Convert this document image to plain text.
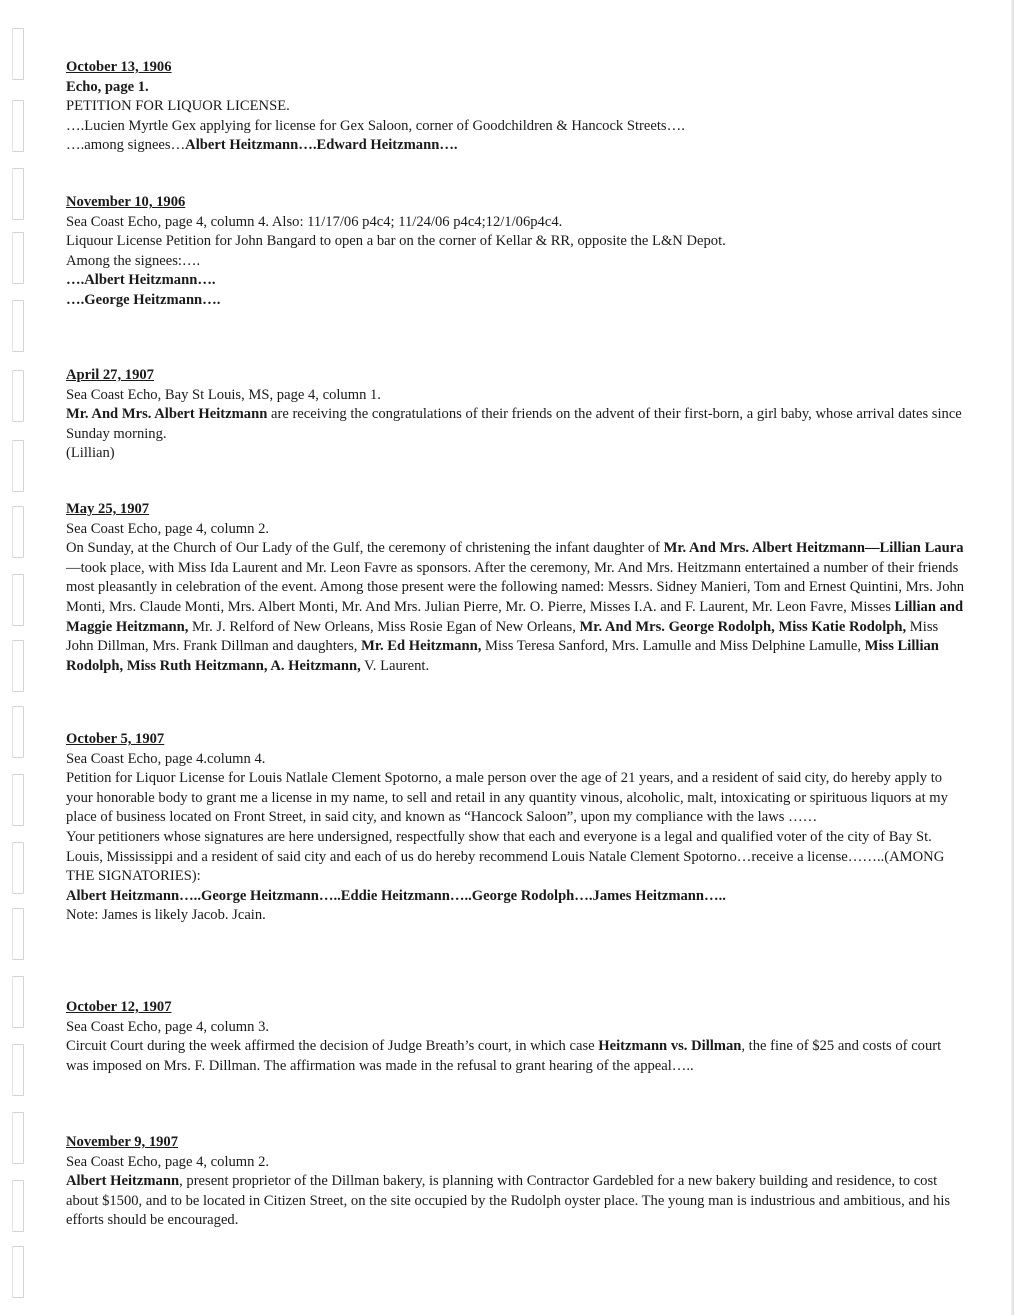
October 13, 1906
Echo, page 1.
PETITION FOR LIQUOR LICENSE.
….Lucien Myrtle Gex applying for license for Gex Saloon, corner of Goodchildren & Hancock Streets….
….among signees…Albert Heitzmann….Edward Heitzmann….
November 10, 1906
Sea Coast Echo, page 4, column 4. Also: 11/17/06 p4c4; 11/24/06 p4c4;12/1/06p4c4.
Liquour License Petition for John Bangard to open a bar on the corner of Kellar & RR, opposite the L&N Depot.
Among the signees:….
….Albert Heitzmann….
….George Heitzmann….
April 27, 1907
Sea Coast Echo, Bay St Louis, MS, page 4, column 1.
Mr. And Mrs. Albert Heitzmann are receiving the congratulations of their friends on the advent of their first-born, a girl baby, whose arrival dates since Sunday morning.
(Lillian)
May 25, 1907
Sea Coast Echo, page 4, column 2.
On Sunday, at the Church of Our Lady of the Gulf, the ceremony of christening the infant daughter of Mr. And Mrs. Albert Heitzmann—Lillian Laura—took place, with Miss Ida Laurent and Mr. Leon Favre as sponsors. After the ceremony, Mr. And Mrs. Heitzmann entertained a number of their friends most pleasantly in celebration of the event. Among those present were the following named: Messrs. Sidney Manieri, Tom and Ernest Quintini, Mrs. John Monti, Mrs. Claude Monti, Mrs. Albert Monti, Mr. And Mrs. Julian Pierre, Mr. O. Pierre, Misses I.A. and F. Laurent, Mr. Leon Favre, Misses Lillian and Maggie Heitzmann, Mr. J. Relford of New Orleans, Miss Rosie Egan of New Orleans, Mr. And Mrs. George Rodolph, Miss Katie Rodolph, Miss John Dillman, Mrs. Frank Dillman and daughters, Mr. Ed Heitzmann, Miss Teresa Sanford, Mrs. Lamulle and Miss Delphine Lamulle, Miss Lillian Rodolph, Miss Ruth Heitzmann, A. Heitzmann, V. Laurent.
October 5, 1907
Sea Coast Echo, page 4.column 4.
Petition for Liquor License for Louis Natlale Clement Spotorno, a male person over the age of 21 years, and a resident of said city, do hereby apply to your honorable body to grant me a license in my name, to sell and retail in any quantity vinous, alcoholic, malt, intoxicating or spirituous liquors at my place of business located on Front Street, in said city, and known as “Hancock Saloon”, upon my compliance with the laws ……
Your petitioners whose signatures are here undersigned, respectfully show that each and everyone is a legal and qualified voter of the city of Bay St. Louis, Mississippi and a resident of said city and each of us do hereby recommend Louis Natale Clement Spotorno…receive a license……..(AMONG THE SIGNATORIES):
Albert Heitzmann…..George Heitzmann…..Eddie Heitzmann…..George Rodolph….James Heitzmann…..
Note: James is likely Jacob. Jcain.
October 12, 1907
Sea Coast Echo, page 4, column 3.
Circuit Court during the week affirmed the decision of Judge Breath’s court, in which case Heitzmann vs. Dillman, the fine of $25 and costs of court was imposed on Mrs. F. Dillman. The affirmation was made in the refusal to grant hearing of the appeal…..
November 9, 1907
Sea Coast Echo, page 4, column 2.
Albert Heitzmann, present proprietor of the Dillman bakery, is planning with Contractor Gardebled for a new bakery building and residence, to cost about $1500, and to be located in Citizen Street, on the site occupied by the Rudolph oyster place. The young man is industrious and ambitious, and his efforts should be encouraged.
